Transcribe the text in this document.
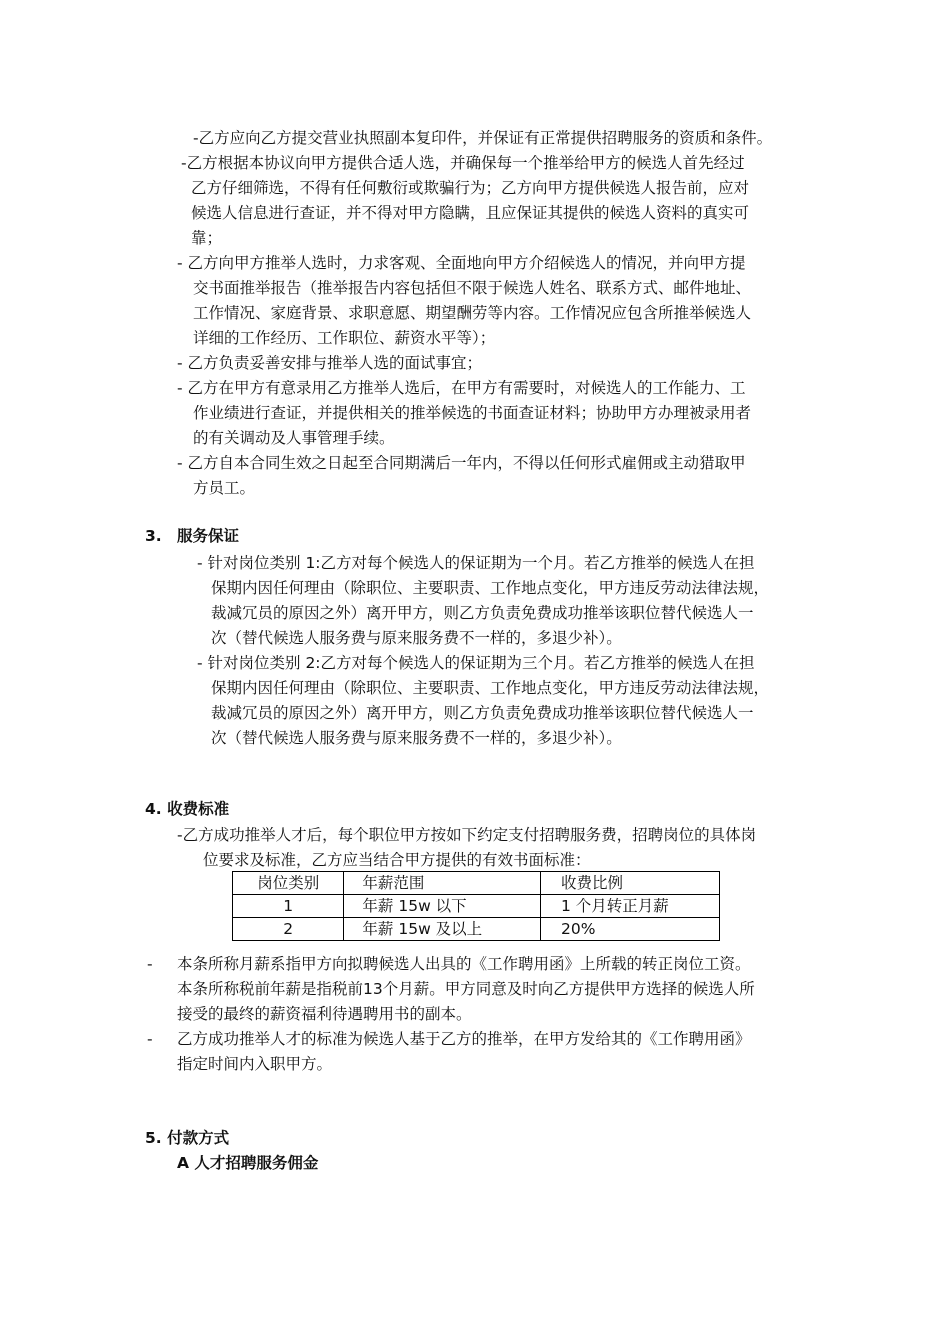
-乙方应向乙方提交营业执照副本复印件，并保证有正常提供招聘服务的资质和条件。
-乙方根据本协议向甲方提供合适人选，并确保每一个推举给甲方的候选人首先经过
乙方仔细筛选，不得有任何敷衍或欺骗行为；乙方向甲方提供候选人报告前，应对
候选人信息进行查证，并不得对甲方隐瞒，且应保证其提供的候选人资料的真实可
靠；
- 乙方向甲方推举人选时，力求客观、全面地向甲方介绍候选人的情况，并向甲方提
交书面推举报告（推举报告内容包括但不限于候选人姓名、联系方式、邮件地址、
工作情况、家庭背景、求职意愿、期望酬劳等内容。工作情况应包含所推举候选人
详细的工作经历、工作职位、薪资水平等）；
- 乙方负责妥善安排与推举人选的面试事宜；
- 乙方在甲方有意录用乙方推举人选后，在甲方有需要时，对候选人的工作能力、工
作业绩进行查证，并提供相关的推举候选的书面查证材料；协助甲方办理被录用者
的有关调动及人事管理手续。
- 乙方自本合同生效之日起至合同期满后一年内，不得以任何形式雇佣或主动猎取甲
方员工。
3. 服务保证
- 针对岗位类别 1:乙方对每个候选人的保证期为一个月。若乙方推举的候选人在担
保期内因任何理由（除职位、主要职责、工作地点变化，甲方违反劳动法律法规，
裁减冗员的原因之外）离开甲方，则乙方负责免费成功推举该职位替代候选人一
次（替代候选人服务费与原来服务费不一样的，多退少补）。
- 针对岗位类别 2:乙方对每个候选人的保证期为三个月。若乙方推举的候选人在担
保期内因任何理由（除职位、主要职责、工作地点变化，甲方违反劳动法律法规，
裁减冗员的原因之外）离开甲方，则乙方负责免费成功推举该职位替代候选人一
次（替代候选人服务费与原来服务费不一样的，多退少补）。
4. 收费标准
-乙方成功推举人才后，每个职位甲方按如下约定支付招聘服务费，招聘岗位的具体岗
位要求及标准，乙方应当结合甲方提供的有效书面标准：
岗位类别	年薪范围	收费比例
1	年薪 15w 以下	1 个月转正月薪
2	年薪 15w 及以上	20%
- 本条所称月薪系指甲方向拟聘候选人出具的《工作聘用函》上所载的转正岗位工资。
本条所称税前年薪是指税前13个月薪。甲方同意及时向乙方提供甲方选择的候选人所
接受的最终的薪资福利待遇聘用书的副本。
- 乙方成功推举人才的标准为候选人基于乙方的推举，在甲方发给其的《工作聘用函》
指定时间内入职甲方。
5. 付款方式
A 人才招聘服务佣金
